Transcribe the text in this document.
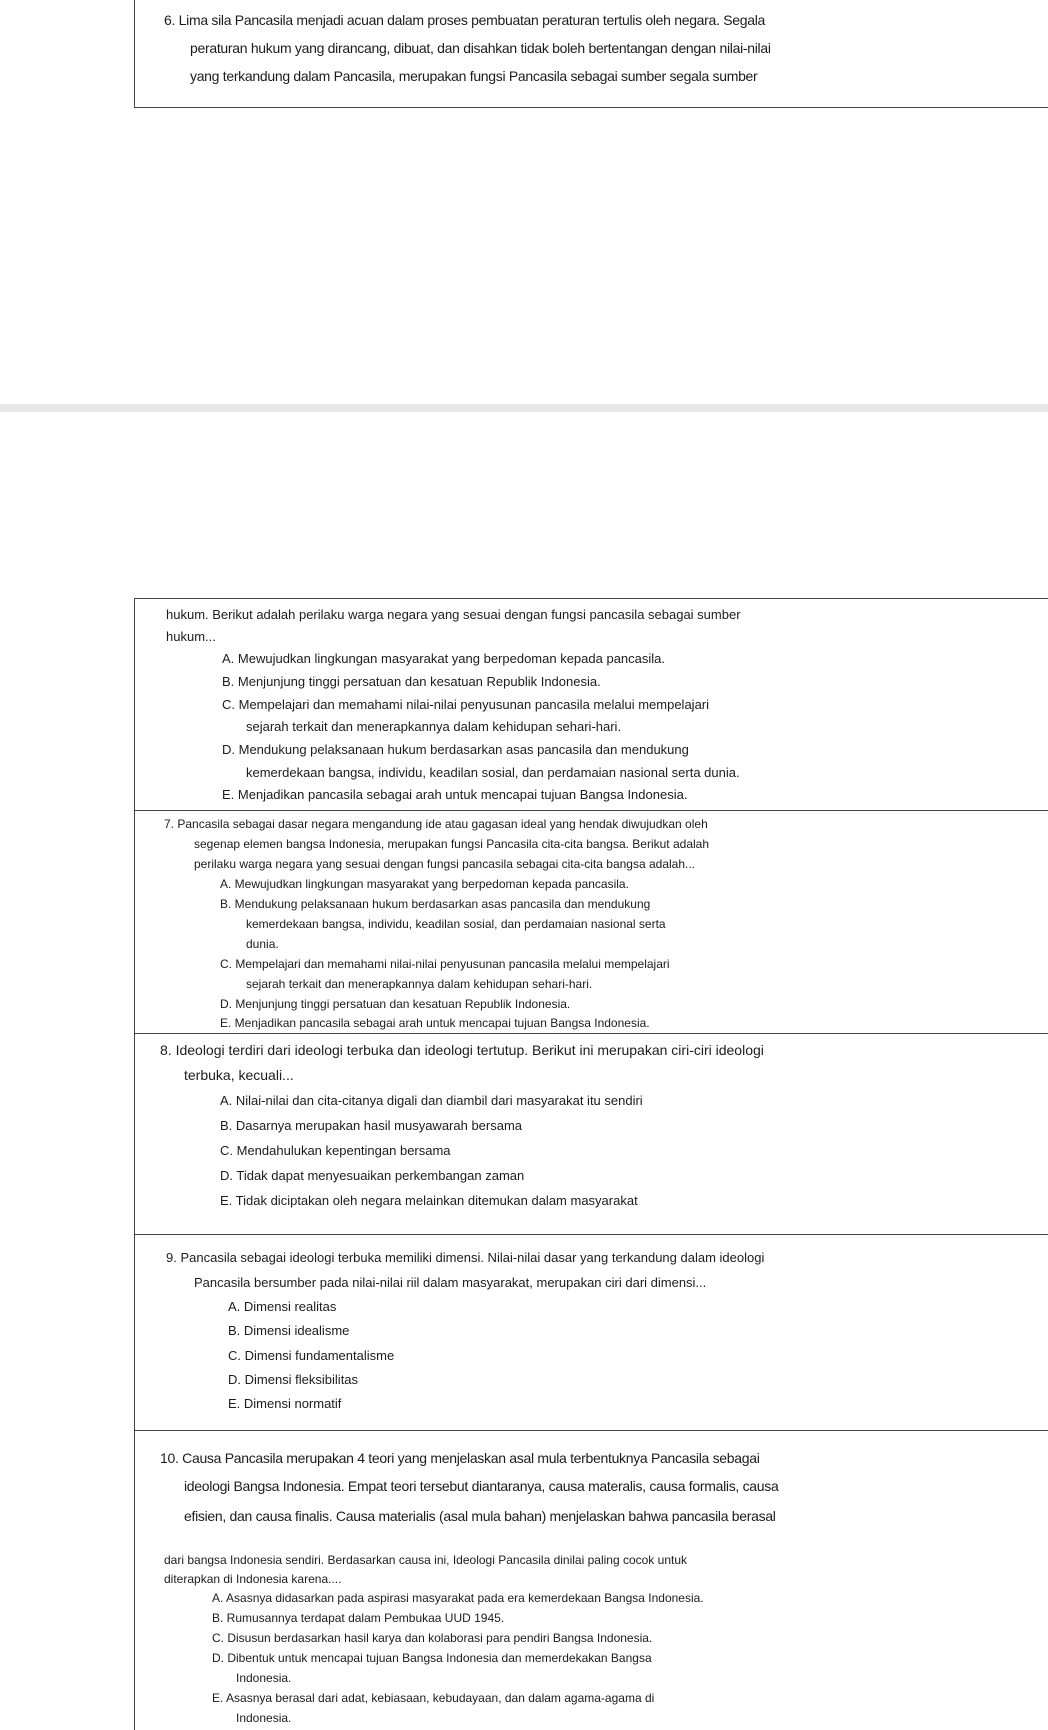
6. Lima sila Pancasila menjadi acuan dalam proses pembuatan peraturan tertulis oleh negara. Segala
peraturan hukum yang dirancang, dibuat, dan disahkan tidak boleh bertentangan dengan nilai-nilai
yang terkandung dalam Pancasila, merupakan fungsi Pancasila sebagai sumber segala sumber
hukum. Berikut adalah perilaku warga negara yang sesuai dengan fungsi pancasila sebagai sumber
hukum...
A. Mewujudkan lingkungan masyarakat yang berpedoman kepada pancasila.
B. Menjunjung tinggi persatuan dan kesatuan Republik Indonesia.
C. Mempelajari dan memahami nilai-nilai penyusunan pancasila melalui mempelajari
sejarah terkait dan menerapkannya dalam kehidupan sehari-hari.
D. Mendukung pelaksanaan hukum berdasarkan asas pancasila dan mendukung
kemerdekaan bangsa, individu, keadilan sosial, dan perdamaian nasional serta dunia.
E. Menjadikan pancasila sebagai arah untuk mencapai tujuan Bangsa Indonesia.
7. Pancasila sebagai dasar negara mengandung ide atau gagasan ideal yang hendak diwujudkan oleh
segenap elemen bangsa Indonesia, merupakan fungsi Pancasila cita-cita bangsa. Berikut adalah
perilaku warga negara yang sesuai dengan fungsi pancasila sebagai cita-cita bangsa adalah...
A. Mewujudkan lingkungan masyarakat yang berpedoman kepada pancasila.
B. Mendukung pelaksanaan hukum berdasarkan asas pancasila dan mendukung
kemerdekaan bangsa, individu, keadilan sosial, dan perdamaian nasional serta
dunia.
C. Mempelajari dan memahami nilai-nilai penyusunan pancasila melalui mempelajari
sejarah terkait dan menerapkannya dalam kehidupan sehari-hari.
D. Menjunjung tinggi persatuan dan kesatuan Republik Indonesia.
E. Menjadikan pancasila sebagai arah untuk mencapai tujuan Bangsa Indonesia.
8. Ideologi terdiri dari ideologi terbuka dan ideologi tertutup. Berikut ini merupakan ciri-ciri ideologi
terbuka, kecuali...
A. Nilai-nilai dan cita-citanya digali dan diambil dari masyarakat itu sendiri
B. Dasarnya merupakan hasil musyawarah bersama
C. Mendahulukan kepentingan bersama
D. Tidak dapat menyesuaikan perkembangan zaman
E. Tidak diciptakan oleh negara melainkan ditemukan dalam masyarakat
9. Pancasila sebagai ideologi terbuka memiliki dimensi. Nilai-nilai dasar yang terkandung dalam ideologi
Pancasila bersumber pada nilai-nilai riil dalam masyarakat, merupakan ciri dari dimensi...
A. Dimensi realitas
B. Dimensi idealisme
C. Dimensi fundamentalisme
D. Dimensi fleksibilitas
E. Dimensi normatif
10. Causa Pancasila merupakan 4 teori yang menjelaskan asal mula terbentuknya Pancasila sebagai
ideologi Bangsa Indonesia. Empat teori tersebut diantaranya, causa materalis, causa formalis, causa
efisien, dan causa finalis. Causa materialis (asal mula bahan) menjelaskan bahwa pancasila berasal
dari bangsa Indonesia sendiri. Berdasarkan causa ini, Ideologi Pancasila dinilai paling cocok untuk
diterapkan di Indonesia karena....
A. Asasnya didasarkan pada aspirasi masyarakat pada era kemerdekaan Bangsa Indonesia.
B. Rumusannya terdapat dalam Pembukaa UUD 1945.
C. Disusun berdasarkan hasil karya dan kolaborasi para pendiri Bangsa Indonesia.
D. Dibentuk untuk mencapai tujuan Bangsa Indonesia dan memerdekakan Bangsa
Indonesia.
E. Asasnya berasal dari adat, kebiasaan, kebudayaan, dan dalam agama-agama di
Indonesia.
